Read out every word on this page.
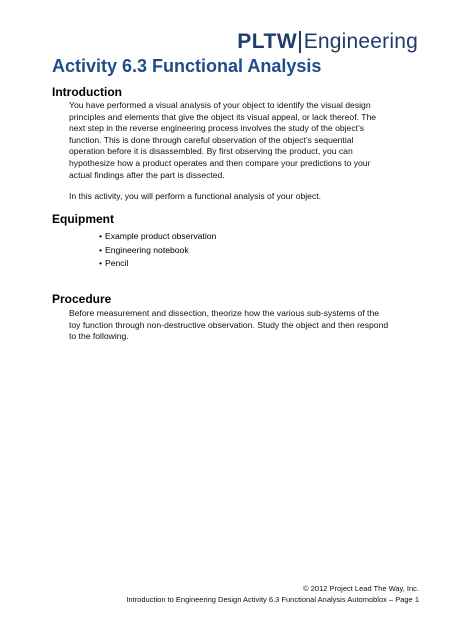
PLTW Engineering
Activity 6.3 Functional Analysis
Introduction

You have performed a visual analysis of your object to identify the visual design
principles and elements that give the object its visual appeal, or lack thereof. The
next step in the reverse engineering process involves the study of the object’s
function. This is done through careful observation of the object’s sequential
operation before it is disassembled. By first observing the product, you can
hypothesize how a product operates and then compare your predictions to your
actual findings after the part is dissected.

In this activity, you will perform a functional analysis of your object.

Equipment
• Example product observation
• Engineering notebook
• Pencil
Procedure

Before measurement and dissection, theorize how the various sub-systems of the
toy function through non-destructive observation. Study the object and then respond
to the following.

© 2012 Project Lead The Way, Inc.
Introduction to Engineering Design Activity 6.3 Functional Analysis Automoblox – Page 1
